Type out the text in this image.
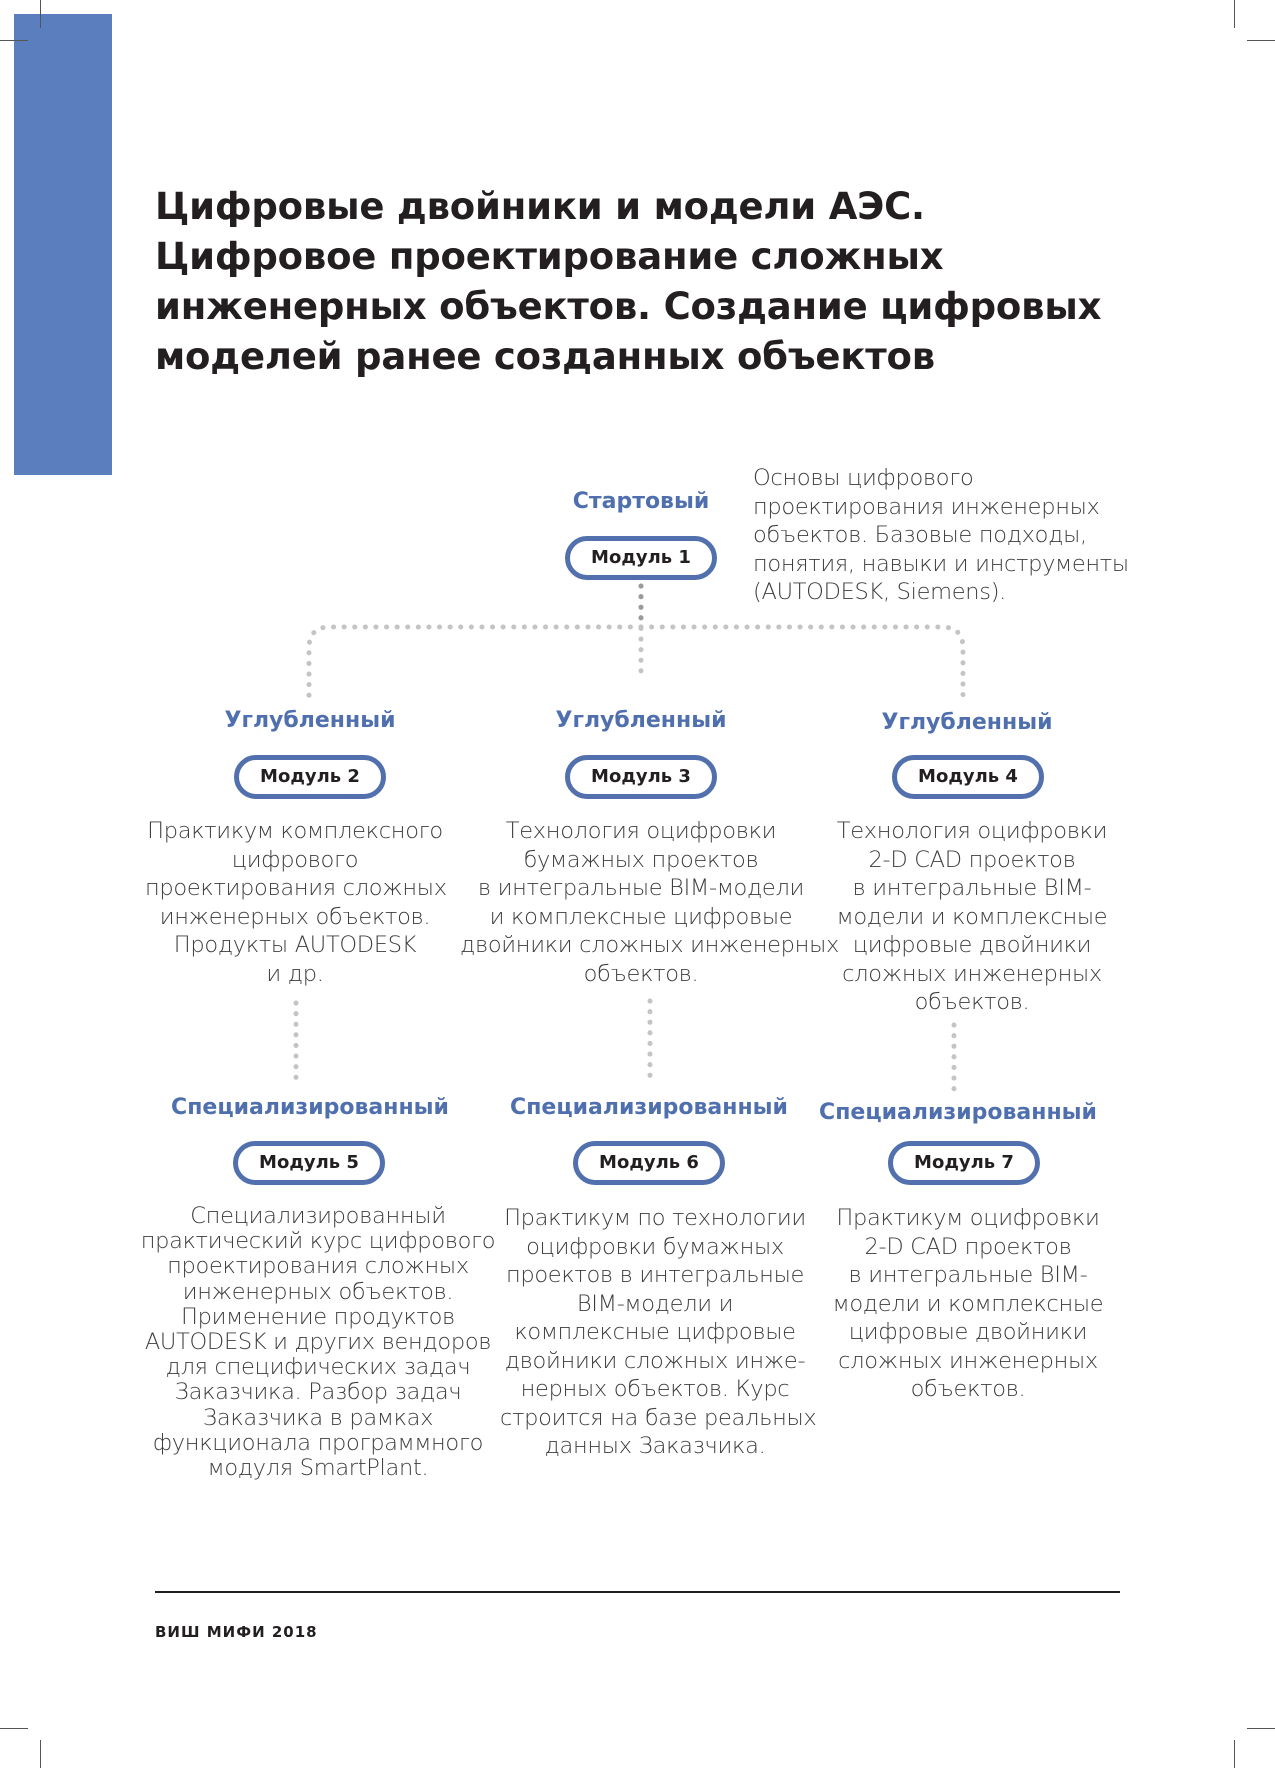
Цифровые двойники и модели АЭС.
Цифровое проектирование сложных
инженерных объектов. Создание цифровых
моделей ранее созданных объектов
Стартовый
Модуль 1
Основы цифрового
проектирования инженерных
объектов. Базовые подходы,
понятия, навыки и инструменты
(AUTODESK, Siemens).
Углубленный
Модуль 2
Практикум комплексного
цифрового
проектирования сложных
инженерных объектов.
Продукты AUTODESK
и др.
Углубленный
Модуль 3
Технология оцифровки
бумажных проектов
в интегральные BIM-модели
и комплексные цифровые
двойники сложных инженерных
объектов.
Углубленный
Модуль 4
Технология оцифровки
2-D CAD проектов
в интегральные BIM-
модели и комплексные
цифровые двойники
сложных инженерных
объектов.
Специализированный
Модуль 5
Специализированный
практический курс цифрового
проектирования сложных
инженерных объектов.
Применение продуктов
AUTODESK и других вендоров
для специфических задач
Заказчика. Разбор задач
Заказчика в рамках
функционала программного
модуля SmartPlant.
Специализированный
Модуль 6
Практикум по технологии
оцифровки бумажных
проектов в интегральные
BIM-модели и
комплексные цифровые
двойники сложных инже-
нерных объектов. Курс
строится на базе реальных
данных Заказчика.
Специализированный
Модуль 7
Практикум оцифровки
2-D CAD проектов
в интегральные BIM-
модели и комплексные
цифровые двойники
сложных инженерных
объектов.
ВИШ МИФИ 2018
